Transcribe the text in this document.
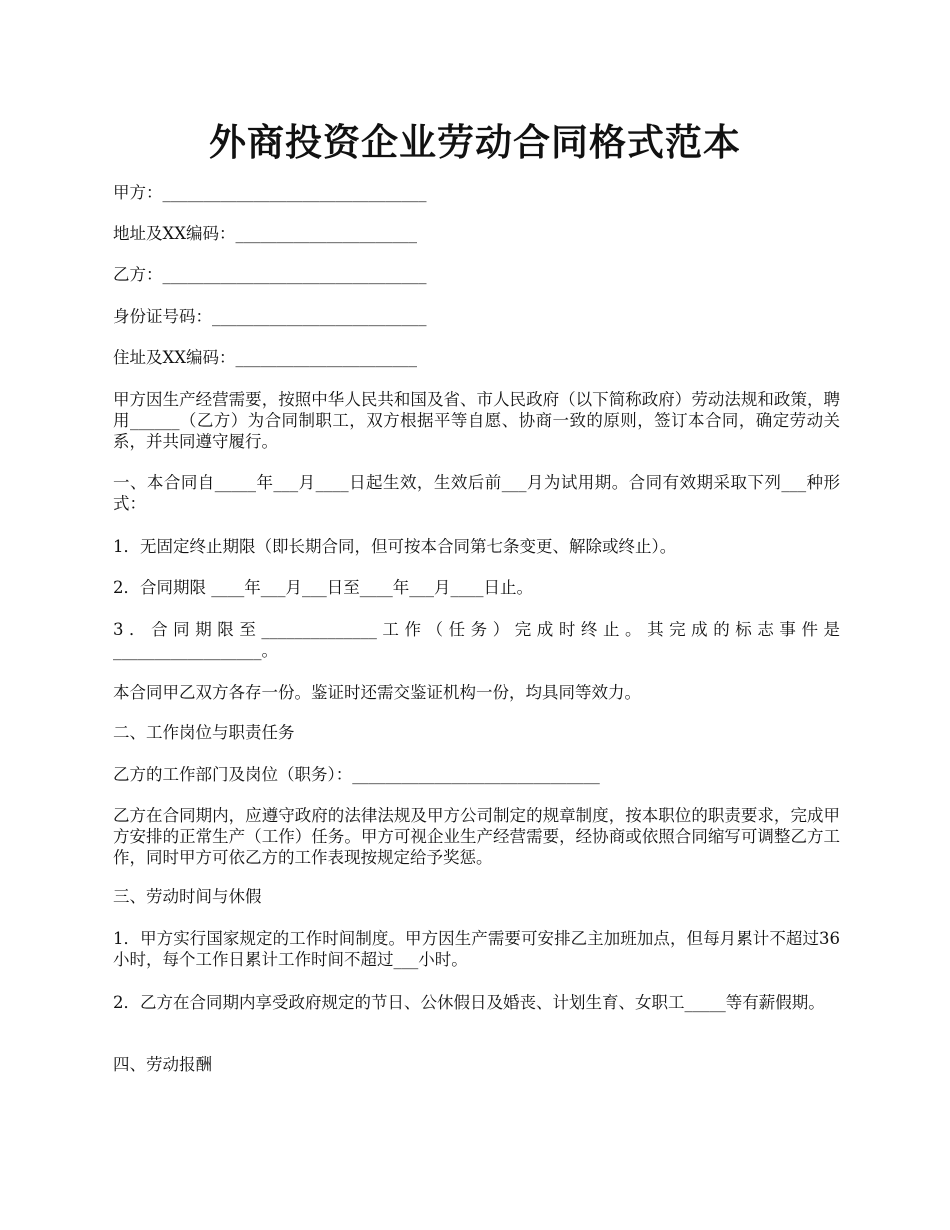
外商投资企业劳动合同格式范本

甲方：________________________________

地址及XX编码：______________________

乙方：________________________________

身份证号码：__________________________

住址及XX编码：______________________

甲方因生产经营需要，按照中华人民共和国及省、市人民政府（以下简称政府）劳动法规和政策，聘用______（乙方）为合同制职工，双方根据平等自愿、协商一致的原则，签订本合同，确定劳动关系，并共同遵守履行。

一、本合同自_____年___月____日起生效，生效后前___月为试用期。合同有效期采取下列___种形式：

1．无固定终止期限（即长期合同，但可按本合同第七条变更、解除或终止）。

2．合同期限 ____年___月___日至____年___月____日止。

3．合同期限至______________工作（任务）完成时终止。其完成的标志事件是__________________。

本合同甲乙双方各存一份。鉴证时还需交鉴证机构一份，均具同等效力。

二、工作岗位与职责任务

乙方的工作部门及岗位（职务）：______________________________

乙方在合同期内，应遵守政府的法律法规及甲方公司制定的规章制度，按本职位的职责要求，完成甲方安排的正常生产（工作）任务。甲方可视企业生产经营需要，经协商或依照合同缩写可调整乙方工作，同时甲方可依乙方的工作表现按规定给予奖惩。

三、劳动时间与休假

1．甲方实行国家规定的工作时间制度。甲方因生产需要可安排乙主加班加点，但每月累计不超过36小时，每个工作日累计工作时间不超过___小时。

2．乙方在合同期内享受政府规定的节日、公休假日及婚丧、计划生育、女职工_____等有薪假期。

四、劳动报酬
